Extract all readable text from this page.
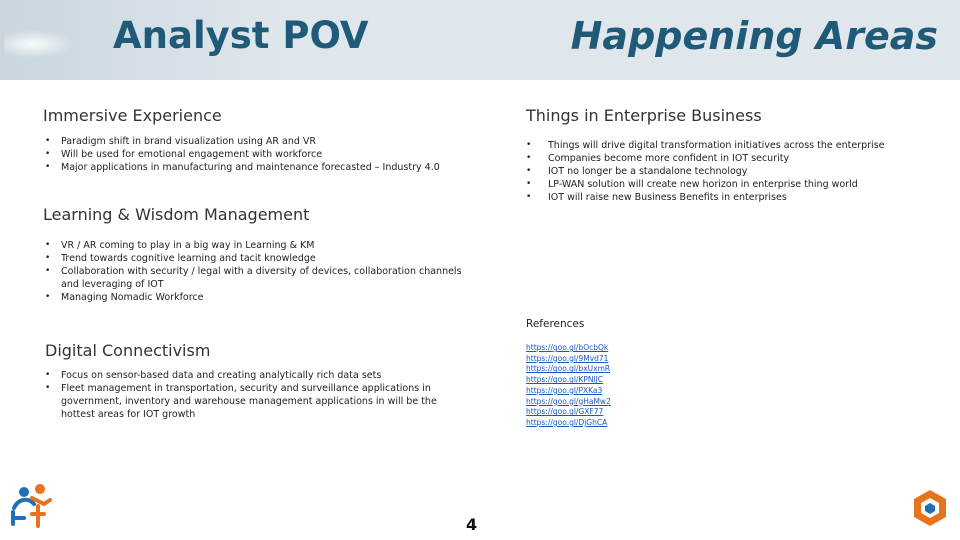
Analyst POV	Happening Areas
Immersive Experience
• Paradigm shift in brand visualization using AR and VR
• Will be used for emotional engagement with workforce
• Major applications in manufacturing and maintenance forecasted – Industry 4.0
Things in Enterprise Business
• Things will drive digital transformation initiatives across the enterprise
• Companies become more confident in IOT security
• IOT no longer be a standalone technology
• LP-WAN solution will create new horizon in enterprise thing world
• IOT will raise new Business Benefits in enterprises
Learning & Wisdom Management
• VR / AR coming to play in a big way in Learning & KM
• Trend towards cognitive learning and tacit knowledge
• Collaboration with security / legal with a diversity of devices, collaboration channels and leveraging of IOT
• Managing Nomadic Workforce
Digital Connectivism
• Focus on sensor-based data and creating analytically rich data sets
• Fleet management in transportation, security and surveillance applications in government, inventory and warehouse management applications in will be the hottest areas for IOT growth

References

https://goo.gl/bOcbQk
https://goo.gl/9Mvd71
https://goo.gl/bxUxmR
https://goo.gl/KPNlJC
https://goo.gl/PXKa3
https://goo.gl/gHaMw2
https://goo.gl/GXF77
https://goo.gl/DjGhCA
4
